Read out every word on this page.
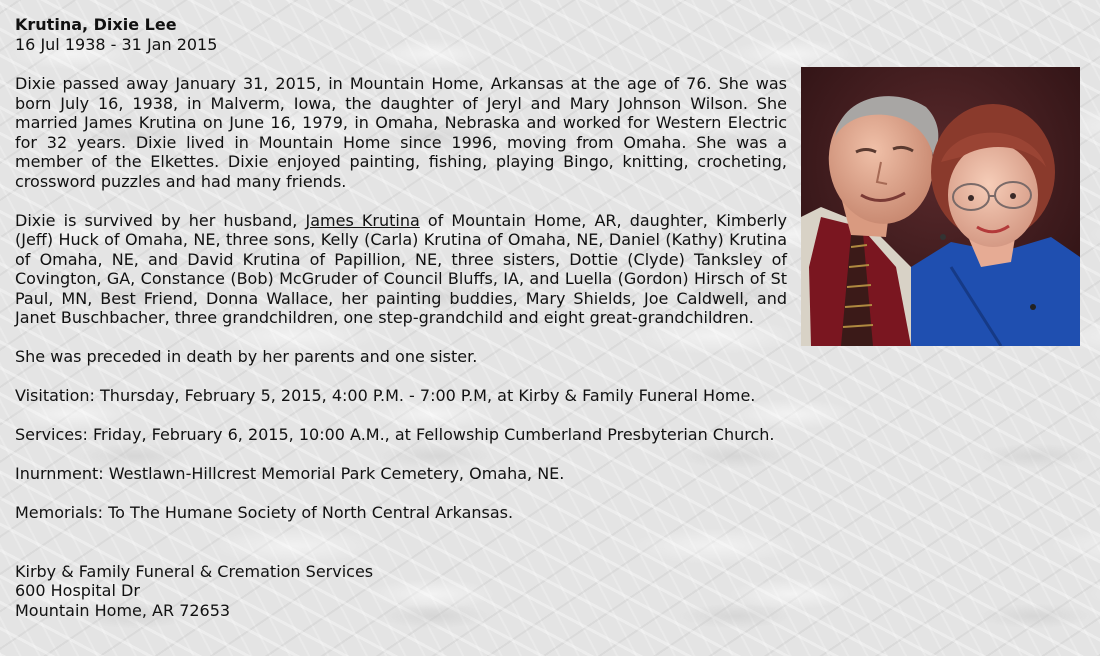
Krutina, Dixie Lee
16 Jul 1938 - 31 Jan 2015

Dixie passed away January 31, 2015, in Mountain Home, Arkansas at the age of 76. She was born July 16, 1938, in Malverm, Iowa, the daughter of Jeryl and Mary Johnson Wilson. She married James Krutina on June 16, 1979, in Omaha, Nebraska and worked for Western Electric for 32 years. Dixie lived in Mountain Home since 1996, moving from Omaha. She was a member of the Elkettes. Dixie enjoyed painting, fishing, playing Bingo, knitting, crocheting, crossword puzzles and had many friends.

Dixie is survived by her husband, James Krutina of Mountain Home, AR, daughter, Kimberly (Jeff) Huck of Omaha, NE, three sons, Kelly (Carla) Krutina of Omaha, NE, Daniel (Kathy) Krutina of Omaha, NE, and David Krutina of Papillion, NE, three sisters, Dottie (Clyde) Tanksley of Covington, GA, Constance (Bob) McGruder of Council Bluffs, IA, and Luella (Gordon) Hirsch of St Paul, MN, Best Friend, Donna Wallace, her painting buddies, Mary Shields, Joe Caldwell, and Janet Buschbacher, three grandchildren, one step-grandchild and eight great-grandchildren.

She was preceded in death by her parents and one sister.

Visitation: Thursday, February 5, 2015, 4:00 P.M. - 7:00 P.M, at Kirby & Family Funeral Home.

Services: Friday, February 6, 2015, 10:00 A.M., at Fellowship Cumberland Presbyterian Church.

Inurnment: Westlawn-Hillcrest Memorial Park Cemetery, Omaha, NE.

Memorials: To The Humane Society of North Central Arkansas.

Kirby & Family Funeral & Cremation Services
600 Hospital Dr
Mountain Home, AR 72653
